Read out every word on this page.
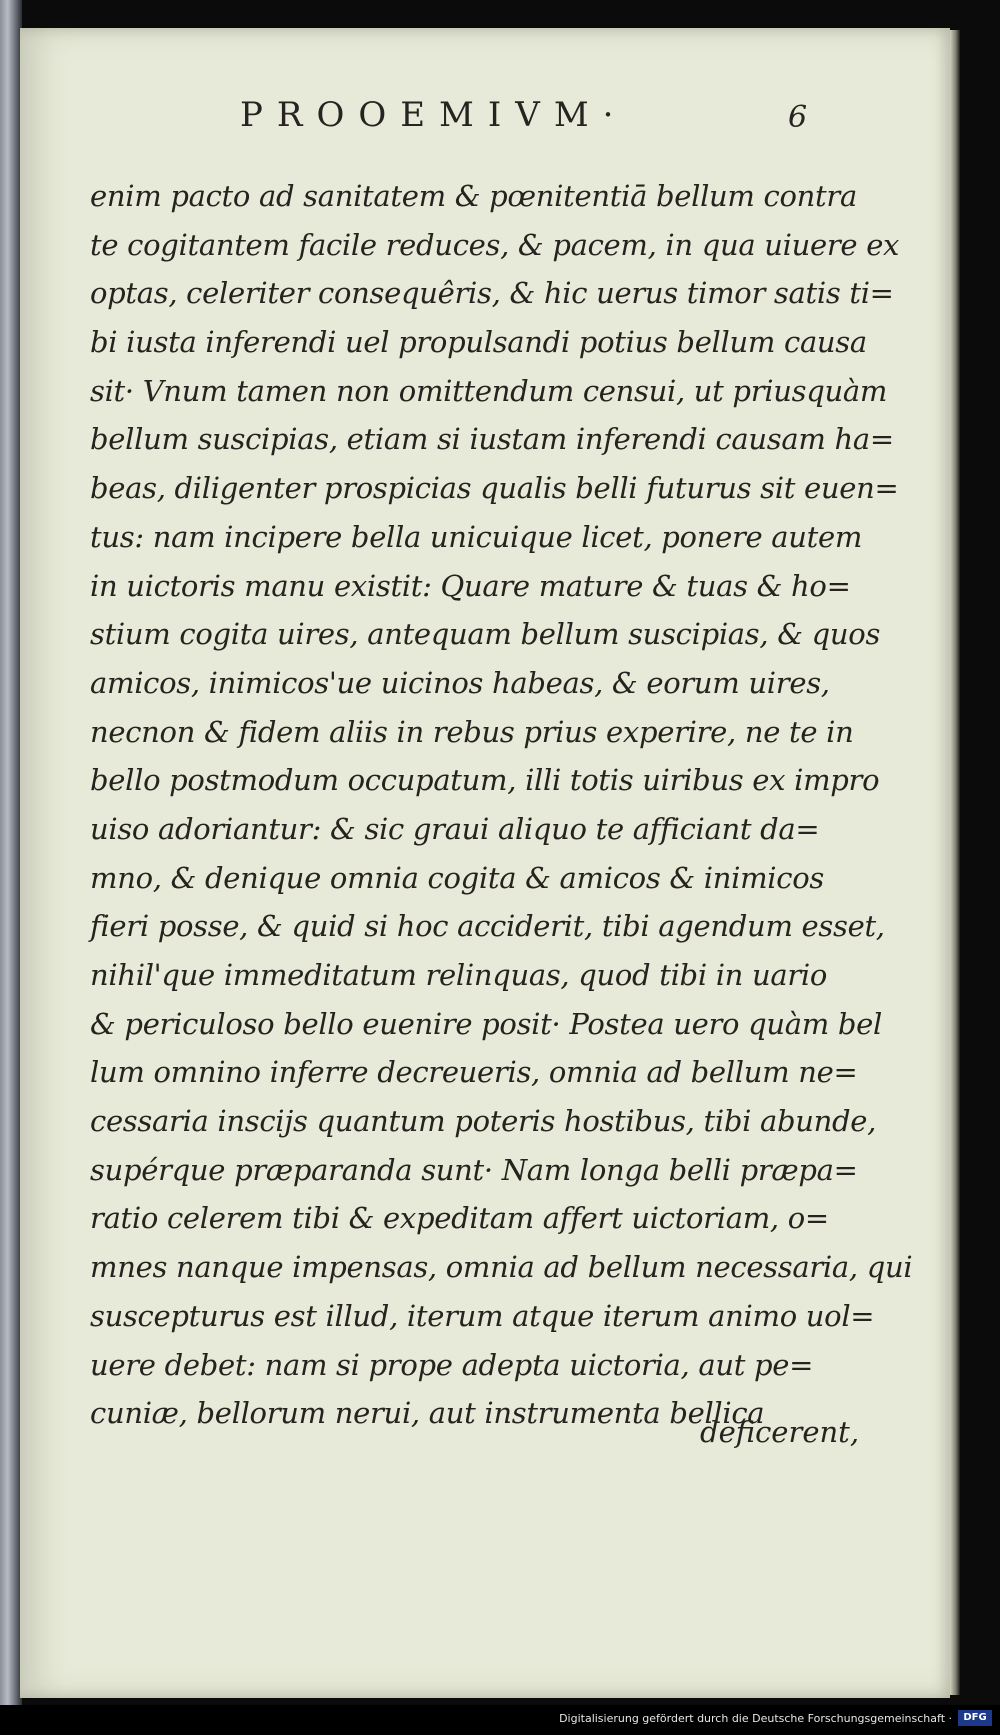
PROOEMIVM·	6
enim pacto ad sanitatem & pœnitentiā bellum contra
te cogitantem facile reduces, & pacem, in qua uiuere ex
optas, celeriter consequêris, & hic uerus timor satis ti=
bi iusta inferendi uel propulsandi potius bellum causa
sit· Vnum tamen non omittendum censui, ut priusquàm
bellum suscipias, etiam si iustam inferendi causam ha=
beas, diligenter prospicias qualis belli futurus sit euen=
tus: nam incipere bella unicuique licet, ponere autem
in uictoris manu existit: Quare mature & tuas & ho=
stium cogita uires, antequam bellum suscipias, & quos
amicos, inimicos'ue uicinos habeas, & eorum uires,
necnon & fidem aliis in rebus prius experire, ne te in
bello postmodum occupatum, illi totis uiribus ex impro
uiso adoriantur: & sic graui aliquo te afficiant da=
mno, & denique omnia cogita & amicos & inimicos
fieri posse, & quid si hoc acciderit, tibi agendum esset,
nihil'que immeditatum relinquas, quod tibi in uario
& periculoso bello euenire posit· Postea uero quàm bel
lum omnino inferre decreueris, omnia ad bellum ne=
cessaria inscijs quantum poteris hostibus, tibi abunde,
supérque præparanda sunt· Nam longa belli præpa=
ratio celerem tibi & expeditam affert uictoriam, o=
mnes nanque impensas, omnia ad bellum necessaria, qui
suscepturus est illud, iterum atque iterum animo uol=
uere debet: nam si prope adepta uictoria, aut pe=
cuniæ, bellorum nerui, aut instrumenta bellica
deficerent,
Digitalisierung gefördert durch die Deutsche Forschungsgemeinschaft ·	DFG
